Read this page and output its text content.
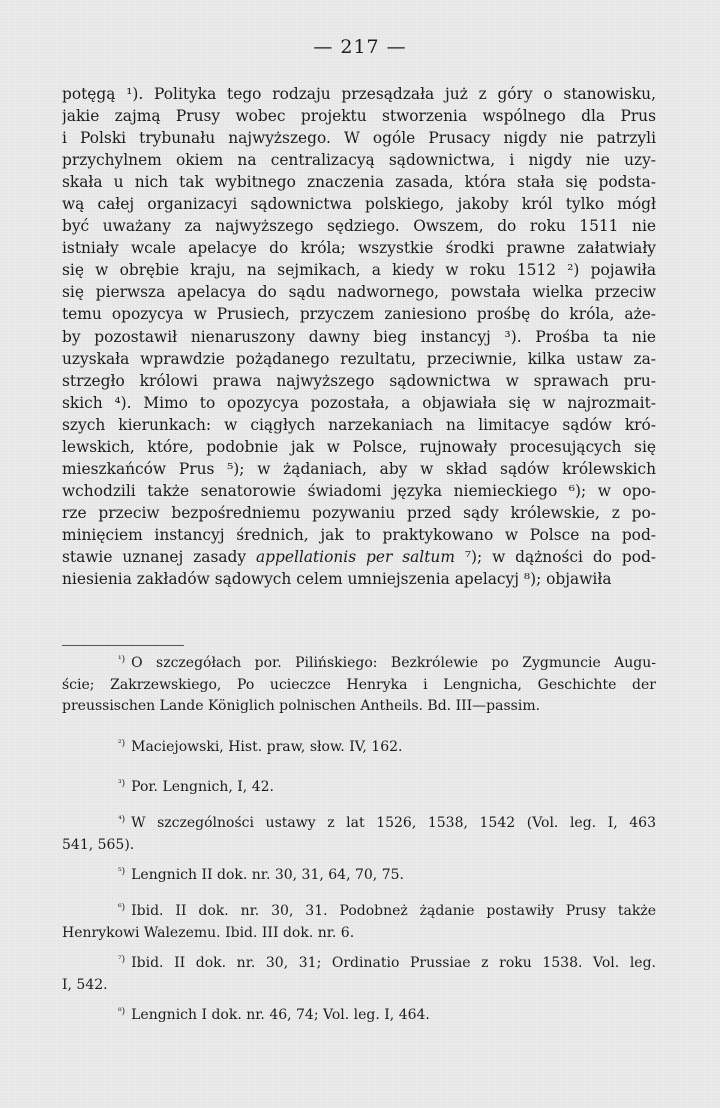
— 217 —
potęgą ¹). Polityka tego rodzaju przesądzała już z góry o stanowisku,
jakie zajmą Prusy wobec projektu stworzenia wspólnego dla Prus
i Polski trybunału najwyższego. W ogóle Prusacy nigdy nie patrzyli
przychylnem okiem na centralizacyą sądownictwa, i nigdy nie uzy-
skała u nich tak wybitnego znaczenia zasada, która stała się podsta-
wą całej organizacyi sądownictwa polskiego, jakoby król tylko mógł
być uważany za najwyższego sędziego. Owszem, do roku 1511 nie
istniały wcale apelacye do króla; wszystkie środki prawne załatwiały
się w obrębie kraju, na sejmikach, a kiedy w roku 1512 ²) pojawiła
się pierwsza apelacya do sądu nadwornego, powstała wielka przeciw
temu opozycya w Prusiech, przyczem zaniesiono prośbę do króla, aże-
by pozostawił nienaruszony dawny bieg instancyj ³). Prośba ta nie
uzyskała wprawdzie pożądanego rezultatu, przeciwnie, kilka ustaw za-
strzegło królowi prawa najwyższego sądownictwa w sprawach pru-
skich ⁴). Mimo to opozycya pozostała, a objawiała się w najrozmait-
szych kierunkach: w ciągłych narzekaniach na limitacye sądów kró-
lewskich, które, podobnie jak w Polsce, rujnowały procesujących się
mieszkańców Prus ⁵); w żądaniach, aby w skład sądów królewskich
wchodzili także senatorowie świadomi języka niemieckiego ⁶); w opo-
rze przeciw bezpośredniemu pozywaniu przed sądy królewskie, z po-
minięciem instancyj średnich, jak to praktykowano w Polsce na pod-
stawie uznanej zasady appellationis per saltum ⁷); w dążności do pod-
niesienia zakładów sądowych celem umniejszenia apelacyj ⁸); objawiła
$^{^1)}$ O szczegółach por. Pilińskiego: Bezkrólewie po Zygmuncie Augu-
ście; Zakrzewskiego, Po ucieczce Henryka i Lengnicha, Geschichte der
preussischen Lande Königlich polnischen Antheils. Bd. III—passim.
$^{^2)}$ Maciejowski, Hist. praw, słow. IV, 162.
$^{^3)}$ Por. Lengnich, I, 42.
$^{^4)}$ W szczególności ustawy z lat 1526, 1538, 1542 (Vol. leg. I, 463
541, 565).
$^{^5)}$ Lengnich II dok. nr. 30, 31, 64, 70, 75.
$^{^6)}$ Ibid. II dok. nr. 30, 31. Podobneż żądanie postawiły Prusy także
Henrykowi Walezemu. Ibid. III dok. nr. 6.
$^{^7)}$ Ibid. II dok. nr. 30, 31; Ordinatio Prussiae z roku 1538. Vol. leg.
I, 542.
$^{^8)}$ Lengnich I dok. nr. 46, 74; Vol. leg. I, 464.
